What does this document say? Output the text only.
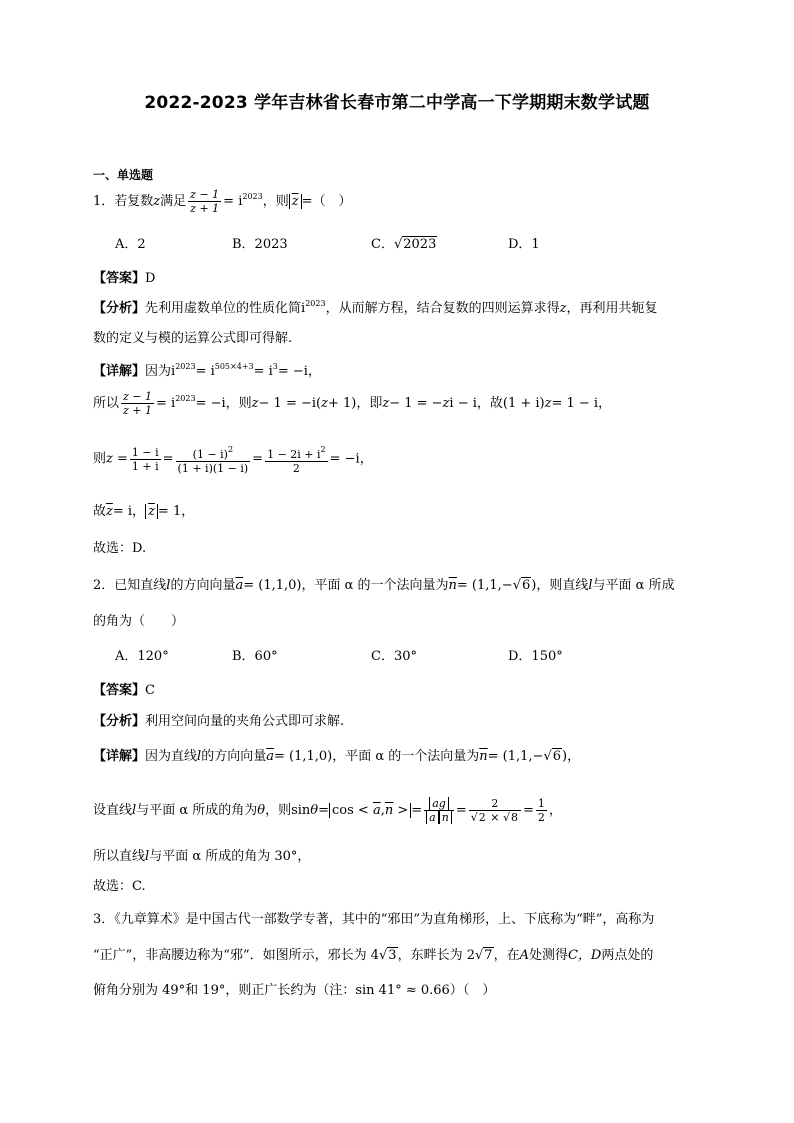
2022-2023 学年吉林省长春市第二中学高一下学期期末数学试题
一、单选题
1．若复数z满足 $\frac{z - 1}{z + 1} = i^{2023}$，则 $\overline{z}$ =（　）
A．2	B．2023	C．√2023	D．1
【答案】D
【分析】先利用虚数单位的性质化简$i^{2023}$，从而解方程，结合复数的四则运算求得z，再利用共轭复
数的定义与模的运算公式即可得解.
【详解】因为$i^{2023}= i^{505\times 4+3}= i^3= -i$，
所以 $\frac{z - 1}{z + 1} = i^{2023}= -i$，则z− 1 = −i(z+ 1)，即z− 1 = −zi − i，故(1 + i)z= 1 − i，
则$z = \frac{1 - i}{1 + i} = \frac{(1 - i)^2}{(1 + i)(1 - i)} = \frac{1 - 2i + i^2}{2} = -i$，
故$\overline{z}= i$， $\overline{z} = 1$，
故选：D.
2．已知直线l的方向向量$\overline{a}= (1,1,0)$，平面 α 的一个法向量为$\overline{n}= (1,1,-√6)$，则直线l与平面 α 所成
的角为（　　）
A．120°	B．60°	C．30°	D．150°
【答案】C
【分析】利用空间向量的夹角公式即可求解.
【详解】因为直线l的方向向量$\overline{a}= (1,1,0)$，平面 α 的一个法向量为$\overline{n}= (1,1,-√6)$，
设直线l与平面 α 所成的角为θ，则$\sin\theta= \cos < \overline{a},\overline{n}$ > = $\frac{ag}{\text{a n}} = \frac{2}{√2 \times √8} = \frac{1}{2}$ ，
所以直线l与平面 α 所成的角为 30°，
故选：C.
3．《九章算术》是中国古代一部数学专著，其中的“邪田”为直角梯形，上、下底称为“畔”，高称为
“正广”，非高腰边称为“邪”．如图所示，邪长为 4√3，东畔长为 2√7，在A处测得C，D两点处的
俯角分别为 49°和 19°，则正广长约为（注：sin 41° ≈ 0.66）（　）
